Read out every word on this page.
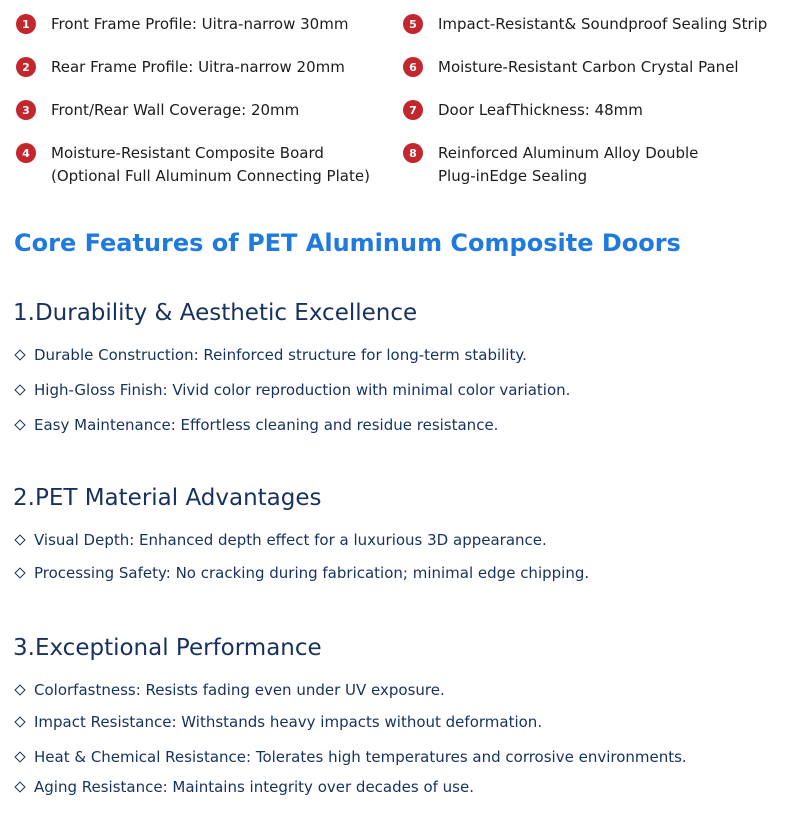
1	Front Frame Profile: Uitra-narrow 30mm
2	Rear Frame Profile: Uitra-narrow 20mm
3	Front/Rear Wall Coverage: 20mm
4	Moisture-Resistant Composite Board
(Optional Full Aluminum Connecting Plate)
5	Impact-Resistant& Soundproof Sealing Strip
6	Moisture-Resistant Carbon Crystal Panel
7	Door LeafThickness: 48mm
8	Reinforced Aluminum Alloy Double
Plug-inEdge Sealing
Core Features of PET Aluminum Composite Doors
1.Durability & Aesthetic Excellence
Durable Construction: Reinforced structure for long-term stability.
High-Gloss Finish: Vivid color reproduction with minimal color variation.
Easy Maintenance: Effortless cleaning and residue resistance.
2.PET Material Advantages
Visual Depth: Enhanced depth effect for a luxurious 3D appearance.
Processing Safety: No cracking during fabrication; minimal edge chipping.
3.Exceptional Performance
Colorfastness: Resists fading even under UV exposure.
Impact Resistance: Withstands heavy impacts without deformation.
Heat & Chemical Resistance: Tolerates high temperatures and corrosive environments.
Aging Resistance: Maintains integrity over decades of use.
